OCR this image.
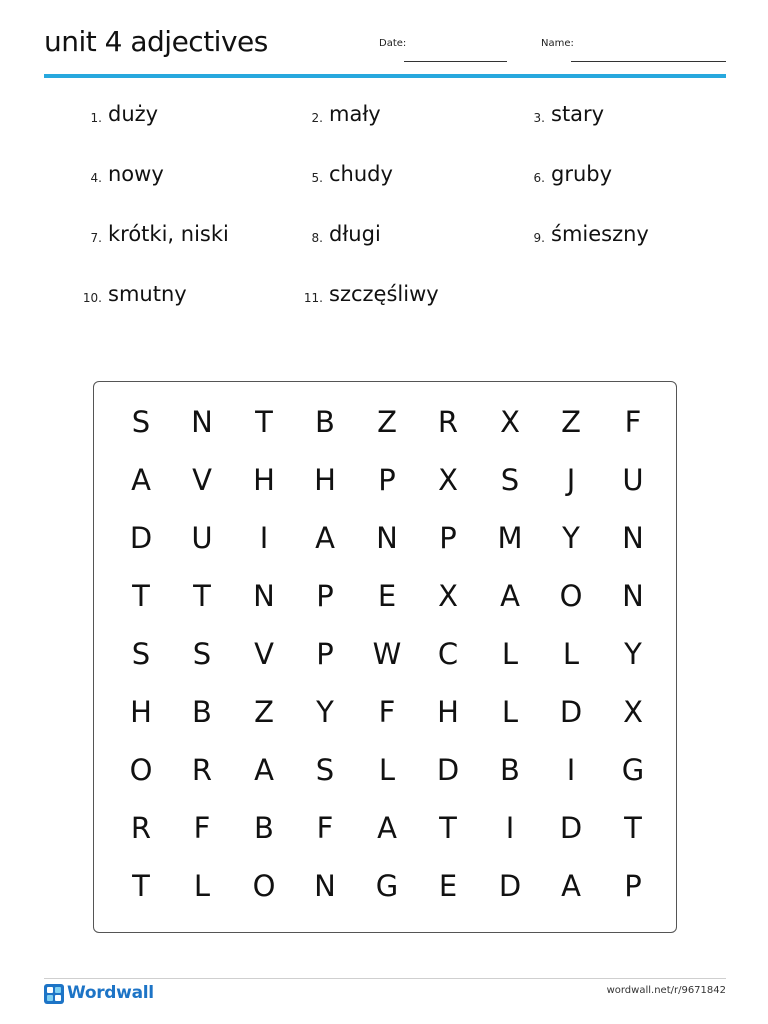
unit 4 adjectives	Date:	Name:
1. duży	2. mały	3. stary
4. nowy	5. chudy	6. gruby
7. krótki, niski	8. długi	9. śmieszny
10. smutny	11. szczęśliwy
S	N	T	B	Z	R	X	Z	F
A	V	H	H	P	X	S	J	U
D	U	I	A	N	P	M	Y	N
T	T	N	P	E	X	A	O	N
S	S	V	P	W	C	L	L	Y
H	B	Z	Y	F	H	L	D	X
O	R	A	S	L	D	B	I	G
R	F	B	F	A	T	I	D	T
T	L	O	N	G	E	D	A	P
Wordwall	wordwall.net/r/9671842
